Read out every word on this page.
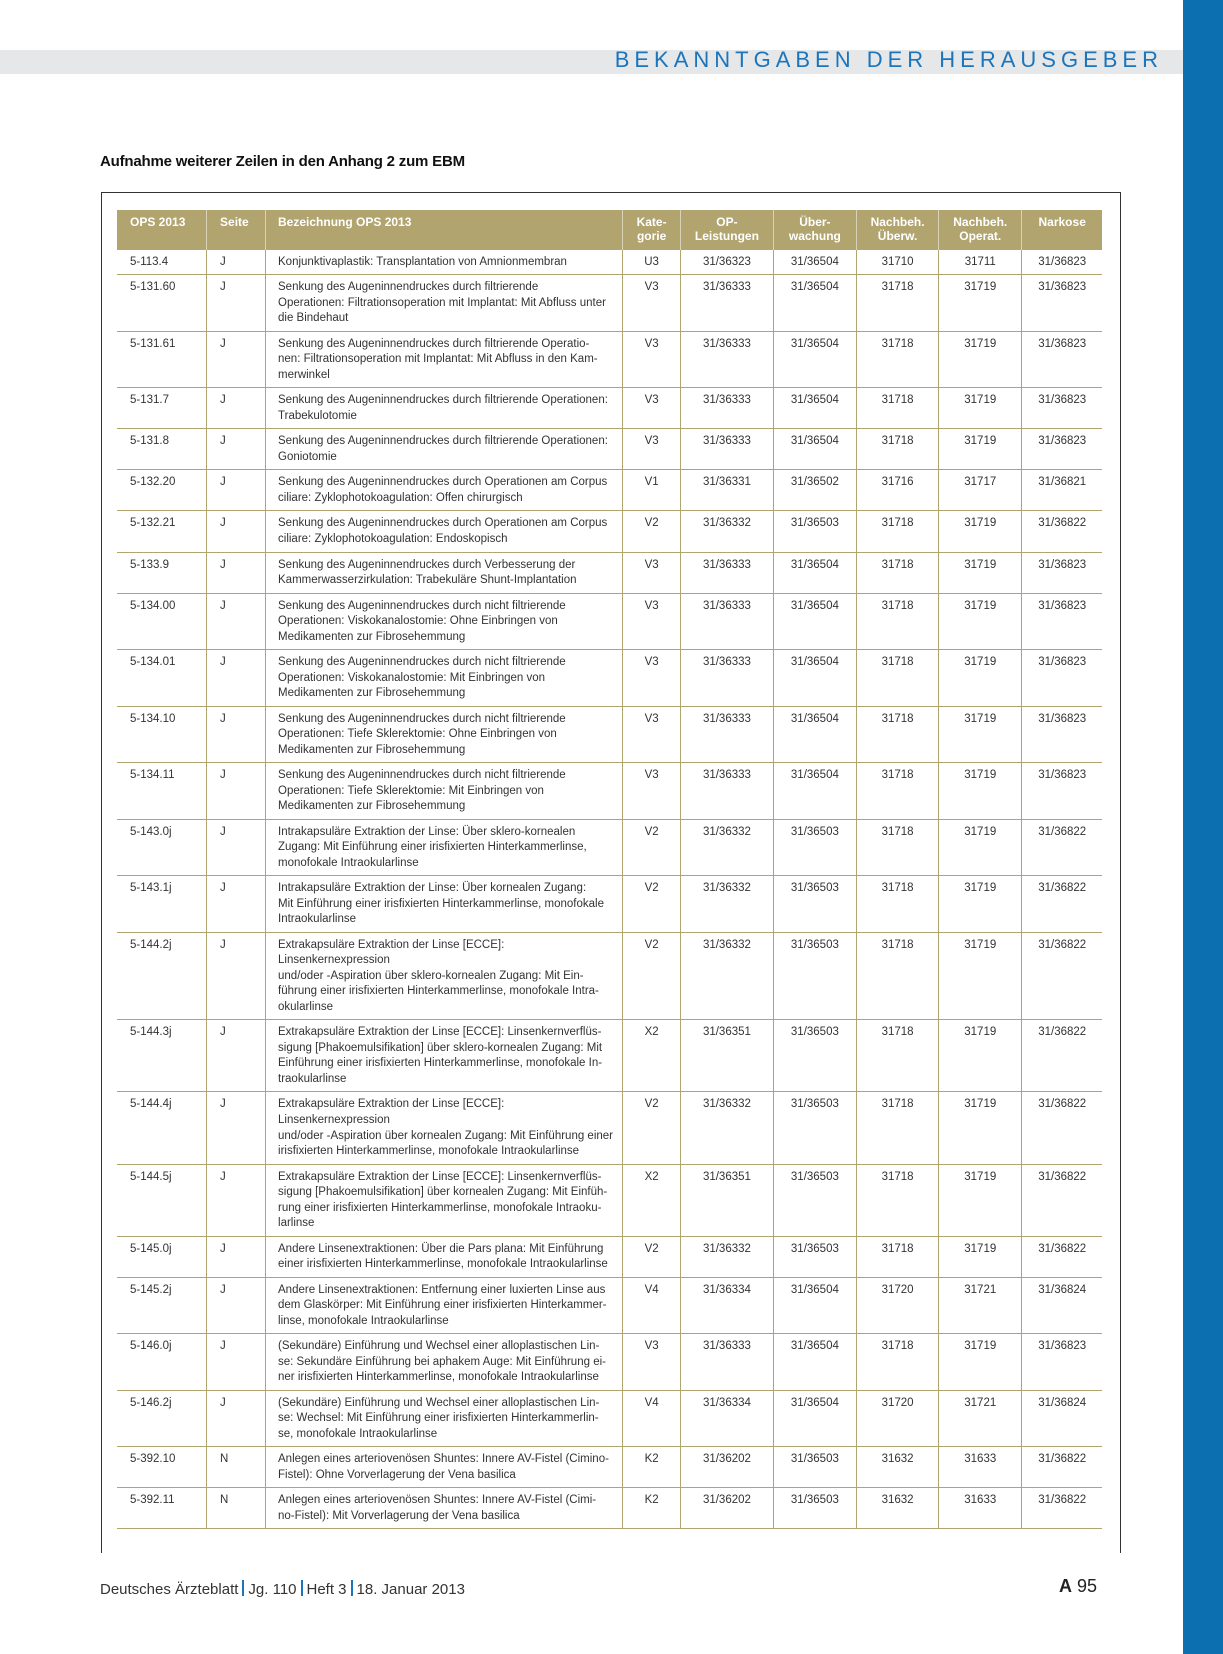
BEKANNTGABEN DER HERAUSGEBER
Aufnahme weiterer Zeilen in den Anhang 2 zum EBM
OPS 2013	Seite	Bezeichnung OPS 2013	Kate-
gorie	OP-
Leistungen	Über-
wachung	Nachbeh.
Überw.	Nachbeh.
Operat.	Narkose
5-113.4	J	Konjunktivaplastik: Transplantation von Amnionmembran	U3	31/36323	31/36504	31710	31711	31/36823
5-131.60	J	Senkung des Augeninnendruckes durch filtrierende
Operationen: Filtrationsoperation mit Implantat: Mit Abfluss unter
die Bindehaut	V3	31/36333	31/36504	31718	31719	31/36823
5-131.61	J	Senkung des Augeninnendruckes durch filtrierende Operatio-
nen: Filtrationsoperation mit Implantat: Mit Abfluss in den Kam-
merwinkel	V3	31/36333	31/36504	31718	31719	31/36823
5-131.7	J	Senkung des Augeninnendruckes durch filtrierende Operationen:
Trabekulotomie	V3	31/36333	31/36504	31718	31719	31/36823
5-131.8	J	Senkung des Augeninnendruckes durch filtrierende Operationen:
Goniotomie	V3	31/36333	31/36504	31718	31719	31/36823
5-132.20	J	Senkung des Augeninnendruckes durch Operationen am Corpus
ciliare: Zyklophotokoagulation: Offen chirurgisch	V1	31/36331	31/36502	31716	31717	31/36821
5-132.21	J	Senkung des Augeninnendruckes durch Operationen am Corpus
ciliare: Zyklophotokoagulation: Endoskopisch	V2	31/36332	31/36503	31718	31719	31/36822
5-133.9	J	Senkung des Augeninnendruckes durch Verbesserung der
Kammerwasserzirkulation: Trabekuläre Shunt-Implantation	V3	31/36333	31/36504	31718	31719	31/36823
5-134.00	J	Senkung des Augeninnendruckes durch nicht filtrierende
Operationen: Viskokanalostomie: Ohne Einbringen von
Medikamenten zur Fibrosehemmung	V3	31/36333	31/36504	31718	31719	31/36823
5-134.01	J	Senkung des Augeninnendruckes durch nicht filtrierende
Operationen: Viskokanalostomie: Mit Einbringen von
Medikamenten zur Fibrosehemmung	V3	31/36333	31/36504	31718	31719	31/36823
5-134.10	J	Senkung des Augeninnendruckes durch nicht filtrierende
Operationen: Tiefe Sklerektomie: Ohne Einbringen von
Medikamenten zur Fibrosehemmung	V3	31/36333	31/36504	31718	31719	31/36823
5-134.11	J	Senkung des Augeninnendruckes durch nicht filtrierende
Operationen: Tiefe Sklerektomie: Mit Einbringen von
Medikamenten zur Fibrosehemmung	V3	31/36333	31/36504	31718	31719	31/36823
5-143.0j	J	Intrakapsuläre Extraktion der Linse: Über sklero-kornealen
Zugang: Mit Einführung einer irisfixierten Hinterkammerlinse,
monofokale Intraokularlinse	V2	31/36332	31/36503	31718	31719	31/36822
5-143.1j	J	Intrakapsuläre Extraktion der Linse: Über kornealen Zugang:
Mit Einführung einer irisfixierten Hinterkammerlinse, monofokale
Intraokularlinse	V2	31/36332	31/36503	31718	31719	31/36822
5-144.2j	J	Extrakapsuläre Extraktion der Linse [ECCE]: Linsenkernexpression
und/oder -Aspiration über sklero-kornealen Zugang: Mit Ein-
führung einer irisfixierten Hinterkammerlinse, monofokale Intra-
okularlinse	V2	31/36332	31/36503	31718	31719	31/36822
5-144.3j	J	Extrakapsuläre Extraktion der Linse [ECCE]: Linsenkernverflüs-
sigung [Phakoemulsifikation] über sklero-kornealen Zugang: Mit
Einführung einer irisfixierten Hinterkammerlinse, monofokale In-
traokularlinse	X2	31/36351	31/36503	31718	31719	31/36822
5-144.4j	J	Extrakapsuläre Extraktion der Linse [ECCE]: Linsenkernexpression
und/oder -Aspiration über kornealen Zugang: Mit Einführung einer
irisfixierten Hinterkammerlinse, monofokale Intraokularlinse	V2	31/36332	31/36503	31718	31719	31/36822
5-144.5j	J	Extrakapsuläre Extraktion der Linse [ECCE]: Linsenkernverflüs-
sigung [Phakoemulsifikation] über kornealen Zugang: Mit Einfüh-
rung einer irisfixierten Hinterkammerlinse, monofokale Intraoku-
larlinse	X2	31/36351	31/36503	31718	31719	31/36822
5-145.0j	J	Andere Linsenextraktionen: Über die Pars plana: Mit Einführung
einer irisfixierten Hinterkammerlinse, monofokale Intraokularlinse	V2	31/36332	31/36503	31718	31719	31/36822
5-145.2j	J	Andere Linsenextraktionen: Entfernung einer luxierten Linse aus
dem Glaskörper: Mit Einführung einer irisfixierten Hinterkammer-
linse, monofokale Intraokularlinse	V4	31/36334	31/36504	31720	31721	31/36824
5-146.0j	J	(Sekundäre) Einführung und Wechsel einer alloplastischen Lin-
se: Sekundäre Einführung bei aphakem Auge: Mit Einführung ei-
ner irisfixierten Hinterkammerlinse, monofokale Intraokularlinse	V3	31/36333	31/36504	31718	31719	31/36823
5-146.2j	J	(Sekundäre) Einführung und Wechsel einer alloplastischen Lin-
se: Wechsel: Mit Einführung einer irisfixierten Hinterkammerlin-
se, monofokale Intraokularlinse	V4	31/36334	31/36504	31720	31721	31/36824
5-392.10	N	Anlegen eines arteriovenösen Shuntes: Innere AV-Fistel (Cimino-
Fistel): Ohne Vorverlagerung der Vena basilica	K2	31/36202	31/36503	31632	31633	31/36822
5-392.11	N	Anlegen eines arteriovenösen Shuntes: Innere AV-Fistel (Cimi-
no-Fistel): Mit Vorverlagerung der Vena basilica	K2	31/36202	31/36503	31632	31633	31/36822
Deutsches Ärzteblatt Jg. 110 Heft 3 18. Januar 2013	A 95
